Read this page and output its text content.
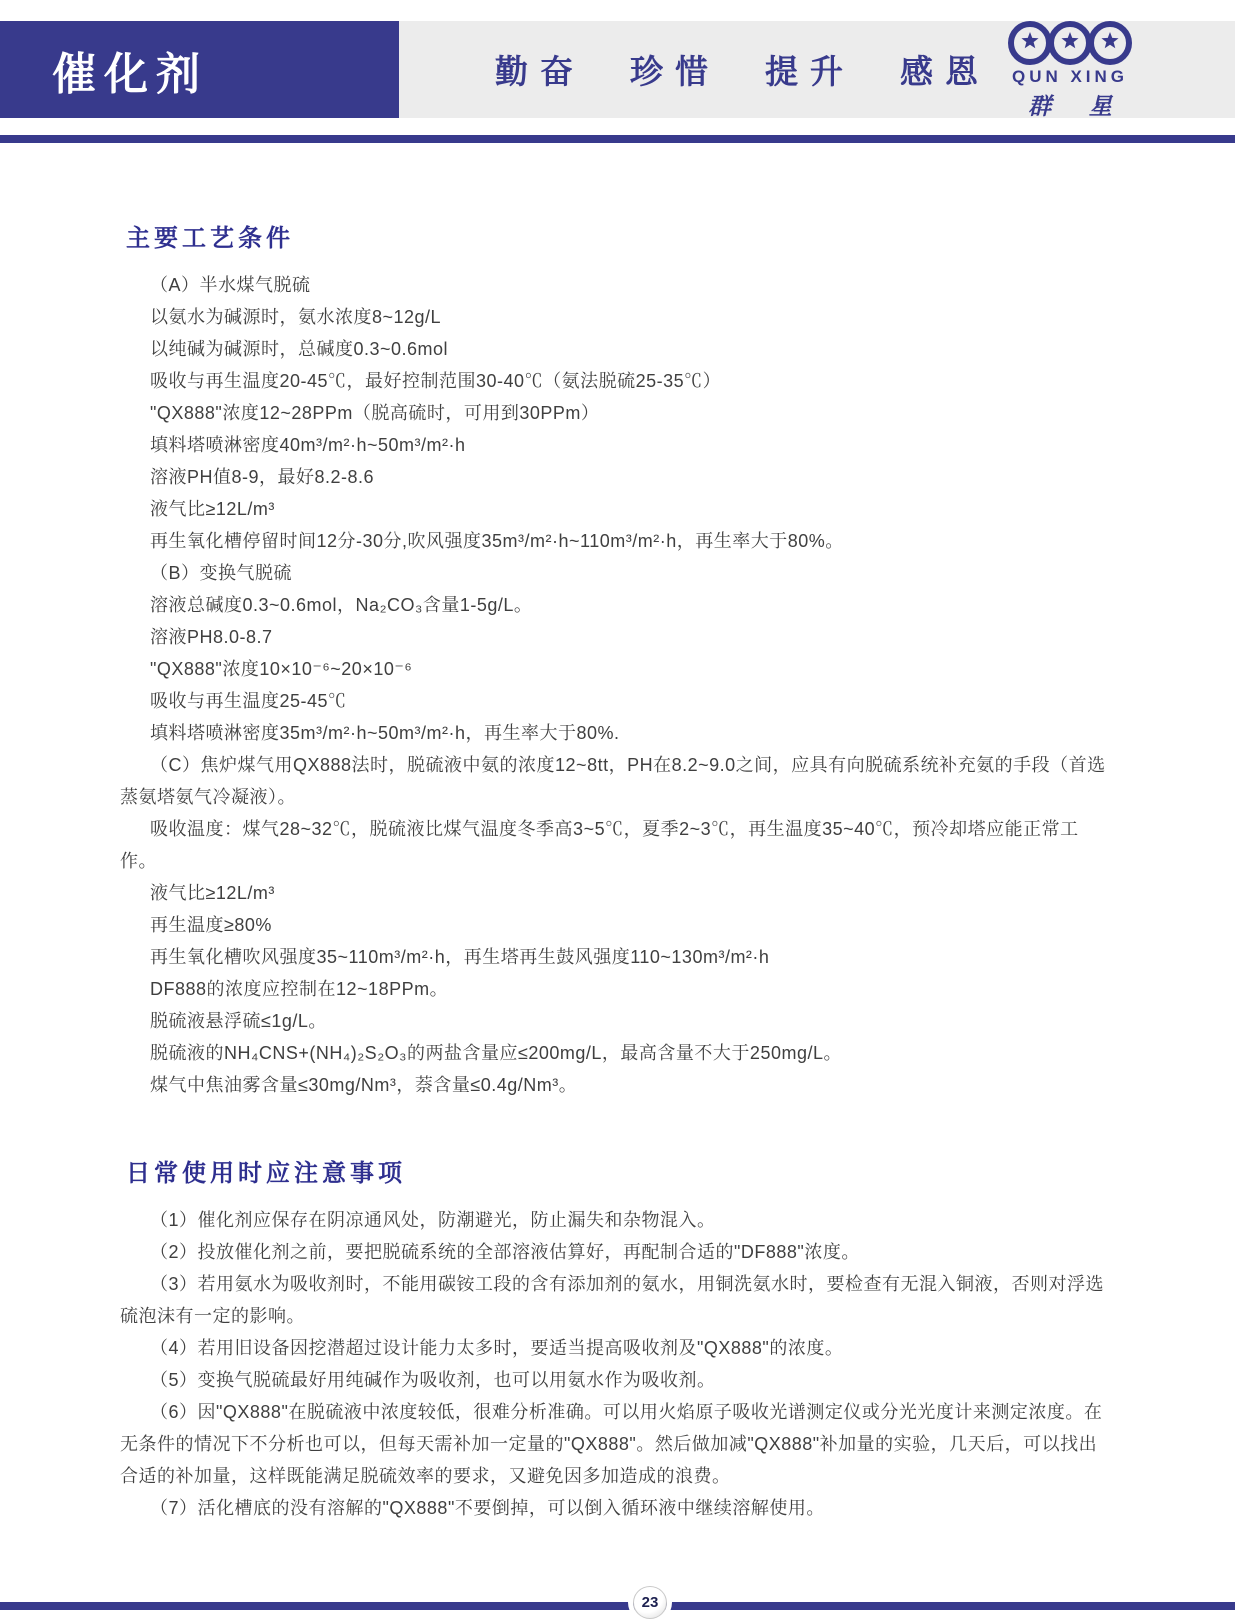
催化剂	勤奋　珍惜　提升　感恩 QUN XING
群 星
主要工艺条件

（A）半水煤气脱硫

以氨水为碱源时，氨水浓度8~12g/L

以纯碱为碱源时，总碱度0.3~0.6mol

吸收与再生温度20-45℃，最好控制范围30-40℃（氨法脱硫25-35℃）

"QX888"浓度12~28PPm（脱高硫时，可用到30PPm）

填料塔喷淋密度40m³/m²·h~50m³/m²·h

溶液PH值8-9，最好8.2-8.6

液气比≥12L/m³

再生氧化槽停留时间12分-30分,吹风强度35m³/m²·h~110m³/m²·h，再生率大于80%。

（B）变换气脱硫

溶液总碱度0.3~0.6mol，Na₂CO₃含量1-5g/L。

溶液PH8.0-8.7

"QX888"浓度10×10⁻⁶~20×10⁻⁶

吸收与再生温度25-45℃

填料塔喷淋密度35m³/m²·h~50m³/m²·h，再生率大于80%.

（C）焦炉煤气用QX888法时，脱硫液中氨的浓度12~8tt，PH在8.2~9.0之间，应具有向脱硫系统补充氨的手段（首选蒸氨塔氨气冷凝液）。

吸收温度：煤气28~32℃，脱硫液比煤气温度冬季高3~5℃，夏季2~3℃，再生温度35~40℃，预冷却塔应能正常工作。

液气比≥12L/m³

再生温度≥80%

再生氧化槽吹风强度35~110m³/m²·h，再生塔再生鼓风强度110~130m³/m²·h

DF888的浓度应控制在12~18PPm。

脱硫液悬浮硫≤1g/L。

脱硫液的NH₄CNS+(NH₄)₂S₂O₃的两盐含量应≤200mg/L，最高含量不大于250mg/L。

煤气中焦油雾含量≤30mg/Nm³，萘含量≤0.4g/Nm³。

日常使用时应注意事项

（1）催化剂应保存在阴凉通风处，防潮避光，防止漏失和杂物混入。

（2）投放催化剂之前，要把脱硫系统的全部溶液估算好，再配制合适的"DF888"浓度。

（3）若用氨水为吸收剂时，不能用碳铵工段的含有添加剂的氨水，用铜洗氨水时，要检查有无混入铜液，否则对浮选硫泡沫有一定的影响。

（4）若用旧设备因挖潜超过设计能力太多时，要适当提高吸收剂及"QX888"的浓度。

（5）变换气脱硫最好用纯碱作为吸收剂，也可以用氨水作为吸收剂。

（6）因"QX888"在脱硫液中浓度较低，很难分析准确。可以用火焰原子吸收光谱测定仪或分光光度计来测定浓度。在无条件的情况下不分析也可以，但每天需补加一定量的"QX888"。然后做加减"QX888"补加量的实验，几天后，可以找出合适的补加量，这样既能满足脱硫效率的要求，又避免因多加造成的浪费。

（7）活化槽底的没有溶解的"QX888"不要倒掉，可以倒入循环液中继续溶解使用。

23
